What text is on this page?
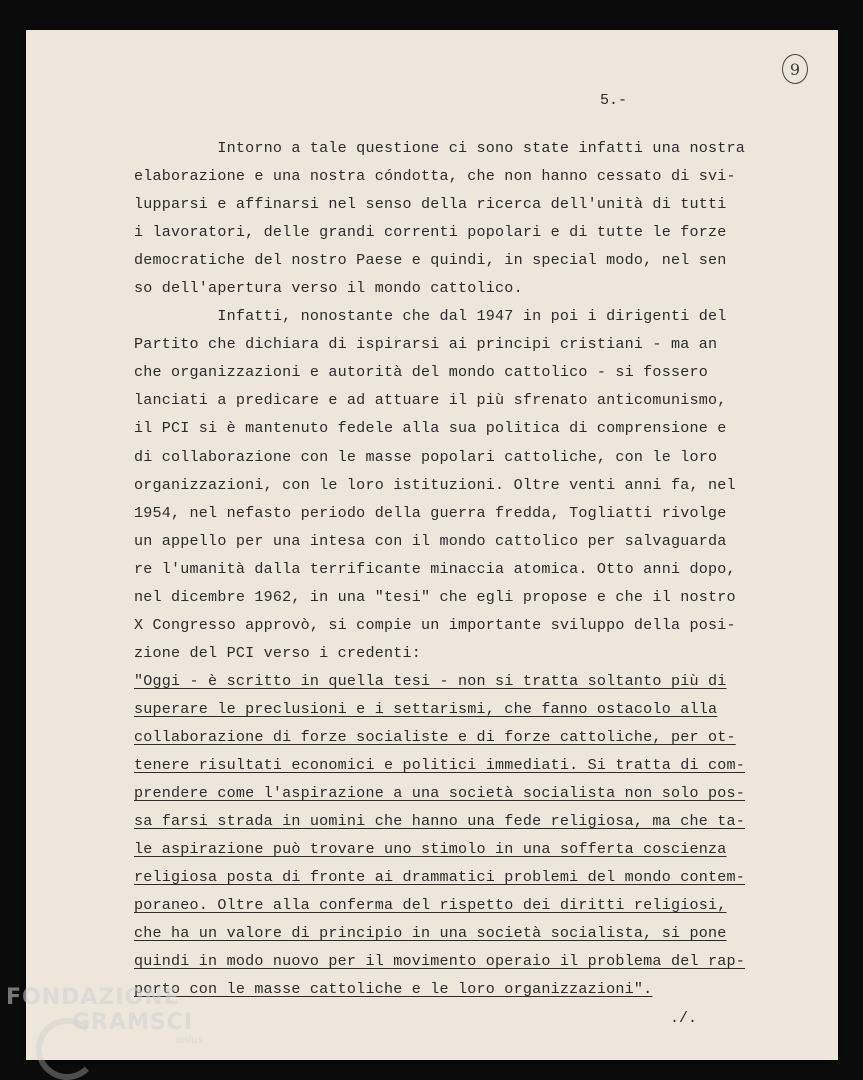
9
5.-
Intorno a tale questione ci sono state infatti una nostra
elaborazione e una nostra cóndotta, che non hanno cessato di svi-
lupparsi e affinarsi nel senso della ricerca dell'unità di tutti
i lavoratori, delle grandi correnti popolari e di tutte le forze
democratiche del nostro Paese e quindi, in special modo, nel sen
so dell'apertura verso il mondo cattolico.
Infatti, nonostante che dal 1947 in poi i dirigenti del
Partito che dichiara di ispirarsi ai principi cristiani - ma an
che organizzazioni e autorità del mondo cattolico - si fossero
lanciati a predicare e ad attuare il più sfrenato anticomunismo,
il PCI si è mantenuto fedele alla sua politica di comprensione e
di collaborazione con le masse popolari cattoliche, con le loro
organizzazioni, con le loro istituzioni. Oltre venti anni fa, nel
1954, nel nefasto periodo della guerra fredda, Togliatti rivolge
un appello per una intesa con il mondo cattolico per salvaguarda
re l'umanità dalla terrificante minaccia atomica. Otto anni dopo,
nel dicembre 1962, in una "tesi" che egli propose e che il nostro
X Congresso approvò, si compie un importante sviluppo della posi-
zione del PCI verso i credenti:
"Oggi - è scritto in quella tesi - non si tratta soltanto più di
superare le preclusioni e i settarismi, che fanno ostacolo alla
collaborazione di forze socialiste e di forze cattoliche, per ot-
tenere risultati economici e politici immediati. Si tratta di com-
prendere come l'aspirazione a una società socialista non solo pos-
sa farsi strada in uomini che hanno una fede religiosa, ma che ta-
le aspirazione può trovare uno stimolo in una sofferta coscienza
religiosa posta di fronte ai drammatici problemi del mondo contem-
poraneo. Oltre alla conferma del rispetto dei diritti religiosi,
che ha un valore di principio in una società socialista, si pone
quindi in modo nuovo per il movimento operaio il problema del rap-
porto con le masse cattoliche e le loro organizzazioni".
./.
FONDAZIONE
GRAMSCI
onlus
